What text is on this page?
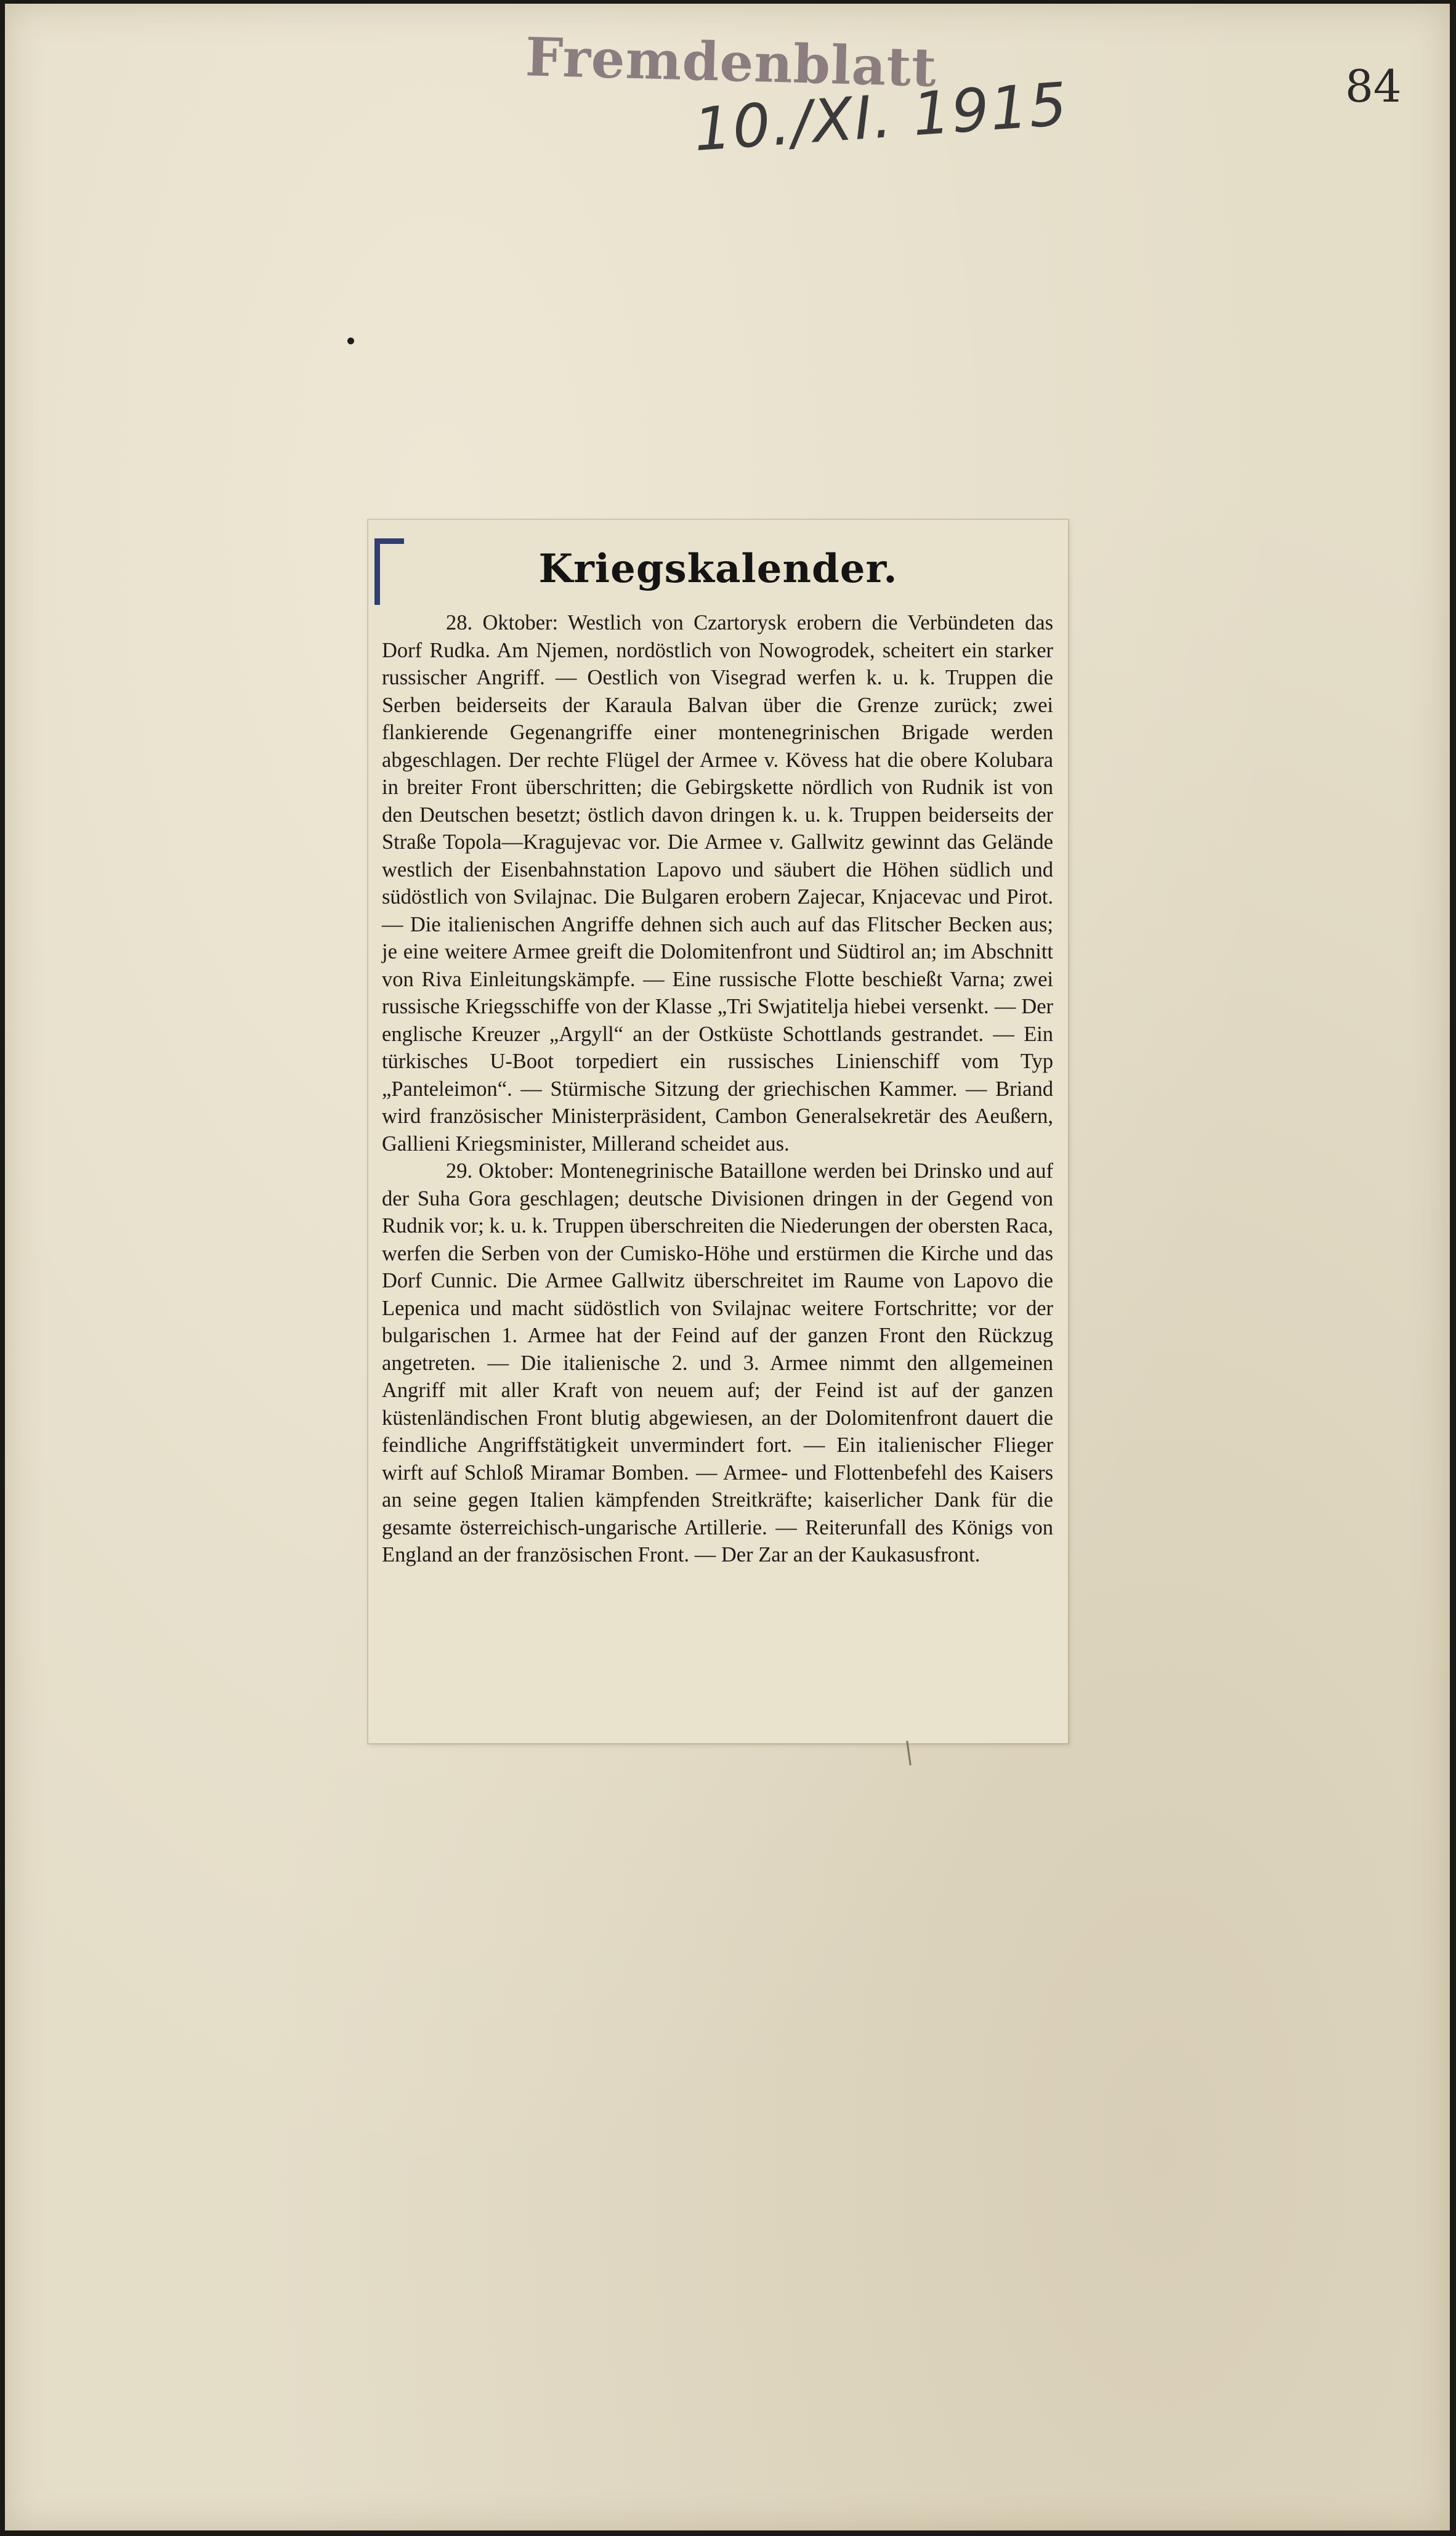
Fremdenblatt
10./XI. 1915	84
Kriegskalender.

28. Oktober: Westlich von Czartorysk erobern die Verbündeten das Dorf Rudka. Am Njemen, nordöstlich von Nowogrodek, scheitert ein starker russischer Angriff. — Oestlich von Visegrad werfen k. u. k. Truppen die Serben beiderseits der Karaula Balvan über die Grenze zurück; zwei flankierende Gegenangriffe einer montenegrinischen Brigade werden abgeschlagen. Der rechte Flügel der Armee v. Kövess hat die obere Kolubara in breiter Front überschritten; die Gebirgskette nördlich von Rudnik ist von den Deutschen besetzt; östlich davon dringen k. u. k. Truppen beiderseits der Straße Topola—Kragujevac vor. Die Armee v. Gallwitz gewinnt das Gelände westlich der Eisenbahnstation Lapovo und säubert die Höhen südlich und südöstlich von Svilajnac. Die Bulgaren erobern Zajecar, Knjacevac und Pirot. — Die italienischen Angriffe dehnen sich auch auf das Flitscher Becken aus; je eine weitere Armee greift die Dolomitenfront und Südtirol an; im Abschnitt von Riva Einleitungskämpfe. — Eine russische Flotte beschießt Varna; zwei russische Kriegsschiffe von der Klasse „Tri Swjatitelja hiebei versenkt. — Der englische Kreuzer „Argyll“ an der Ostküste Schottlands gestrandet. — Ein türkisches U-Boot torpediert ein russisches Linienschiff vom Typ „Panteleimon“. — Stürmische Sitzung der griechischen Kammer. — Briand wird französischer Ministerpräsident, Cambon Generalsekretär des Aeußern, Gallieni Kriegsminister, Millerand scheidet aus.

29. Oktober: Montenegrinische Bataillone werden bei Drinsko und auf der Suha Gora geschlagen; deutsche Divisionen dringen in der Gegend von Rudnik vor; k. u. k. Truppen überschreiten die Niederungen der obersten Raca, werfen die Serben von der Cumisko-Höhe und erstürmen die Kirche und das Dorf Cunnic. Die Armee Gallwitz überschreitet im Raume von Lapovo die Lepenica und macht südöstlich von Svilajnac weitere Fortschritte; vor der bulgarischen 1. Armee hat der Feind auf der ganzen Front den Rückzug angetreten. — Die italienische 2. und 3. Armee nimmt den allgemeinen Angriff mit aller Kraft von neuem auf; der Feind ist auf der ganzen küstenländischen Front blutig abgewiesen, an der Dolomitenfront dauert die feindliche Angriffstätigkeit unvermindert fort. — Ein italienischer Flieger wirft auf Schloß Miramar Bomben. — Armee- und Flottenbefehl des Kaisers an seine gegen Italien kämpfenden Streitkräfte; kaiserlicher Dank für die gesamte österreichisch-ungarische Artillerie. — Reiterunfall des Königs von England an der französischen Front. — Der Zar an der Kaukasusfront.
